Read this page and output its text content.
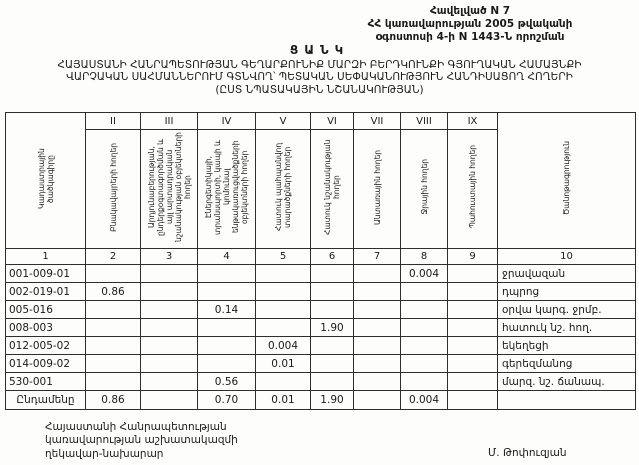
Հավելված N 7
ՀՀ կառավարության 2005 թվականի
օգոստոսի 4-ի N 1443-Ն որոշման
ՑԱՆԿ
ՀԱՅԱՍՏԱՆԻ ՀԱՆՐԱՊԵՏՈՒԹՅԱՆ ԳԵՂԱՐՔՈՒՆԻՔ ՄԱՐԶԻ ԲԵՐԴԿՈՒՆՔԻ ԳՅՈՒՂԱԿԱՆ ՀԱՄԱՅՆՔԻ
ՎԱՐՉԱԿԱՆ ՍԱՀՄԱՆՆԵՐՈՒՄ ԳՏՆՎՈՂ՝ ՊԵՏԱԿԱՆ ՍԵՓԱԿԱՆՈՒԹՅՈՒՆ ՀԱՆԴԻՍԱՑՈՂ ՀՈՂԵՐԻ
(ԸՍՏ ՆՊԱՏԱԿԱՅԻՆ ՆՇԱՆԱԿՈՒԹՅԱՆ)
Կադաստրային ծածկագիրը	II	III	IV	V	VI	VII	VIII	IX	Ծանոթագրություն
	Բնակավայրերի հողեր	Արդյունաբերության, ընդերքօգտագործման և այլ արտադրական նշանակության օբյեկտների հողեր	Էներգետիկայի, տրանսպորտի, կապի և կոմունալ ենթակառուցվածքների օբյեկտների հողեր	Հատուկ պահպանվող տարածքների հողեր	Հատուկ նշանակության հողեր	Անտառային հողեր	Ջրային հողեր	Պահուստային հողեր	
1	2	3	4	5	6	7	8	9	10
001-009-01							0.004		ջրավազան
002-019-01	0.86								դպրոց
005-016			0.14						օրվա կարգ. ջրմբ.
008-003					1.90				հատուկ նշ. հող.
012-005-02				0.004					եկեղեցի
014-009-02				0.01					գերեզմանոց
530-001			0.56						մարզ. նշ. ճանապ.
Ընդամենը	0.86		0.70	0.01	1.90		0.004		
Հայաստանի Հանրապետության
կառավարության աշխատակազմի
ղեկավար-նախարար	Մ. Թոփուզյան
